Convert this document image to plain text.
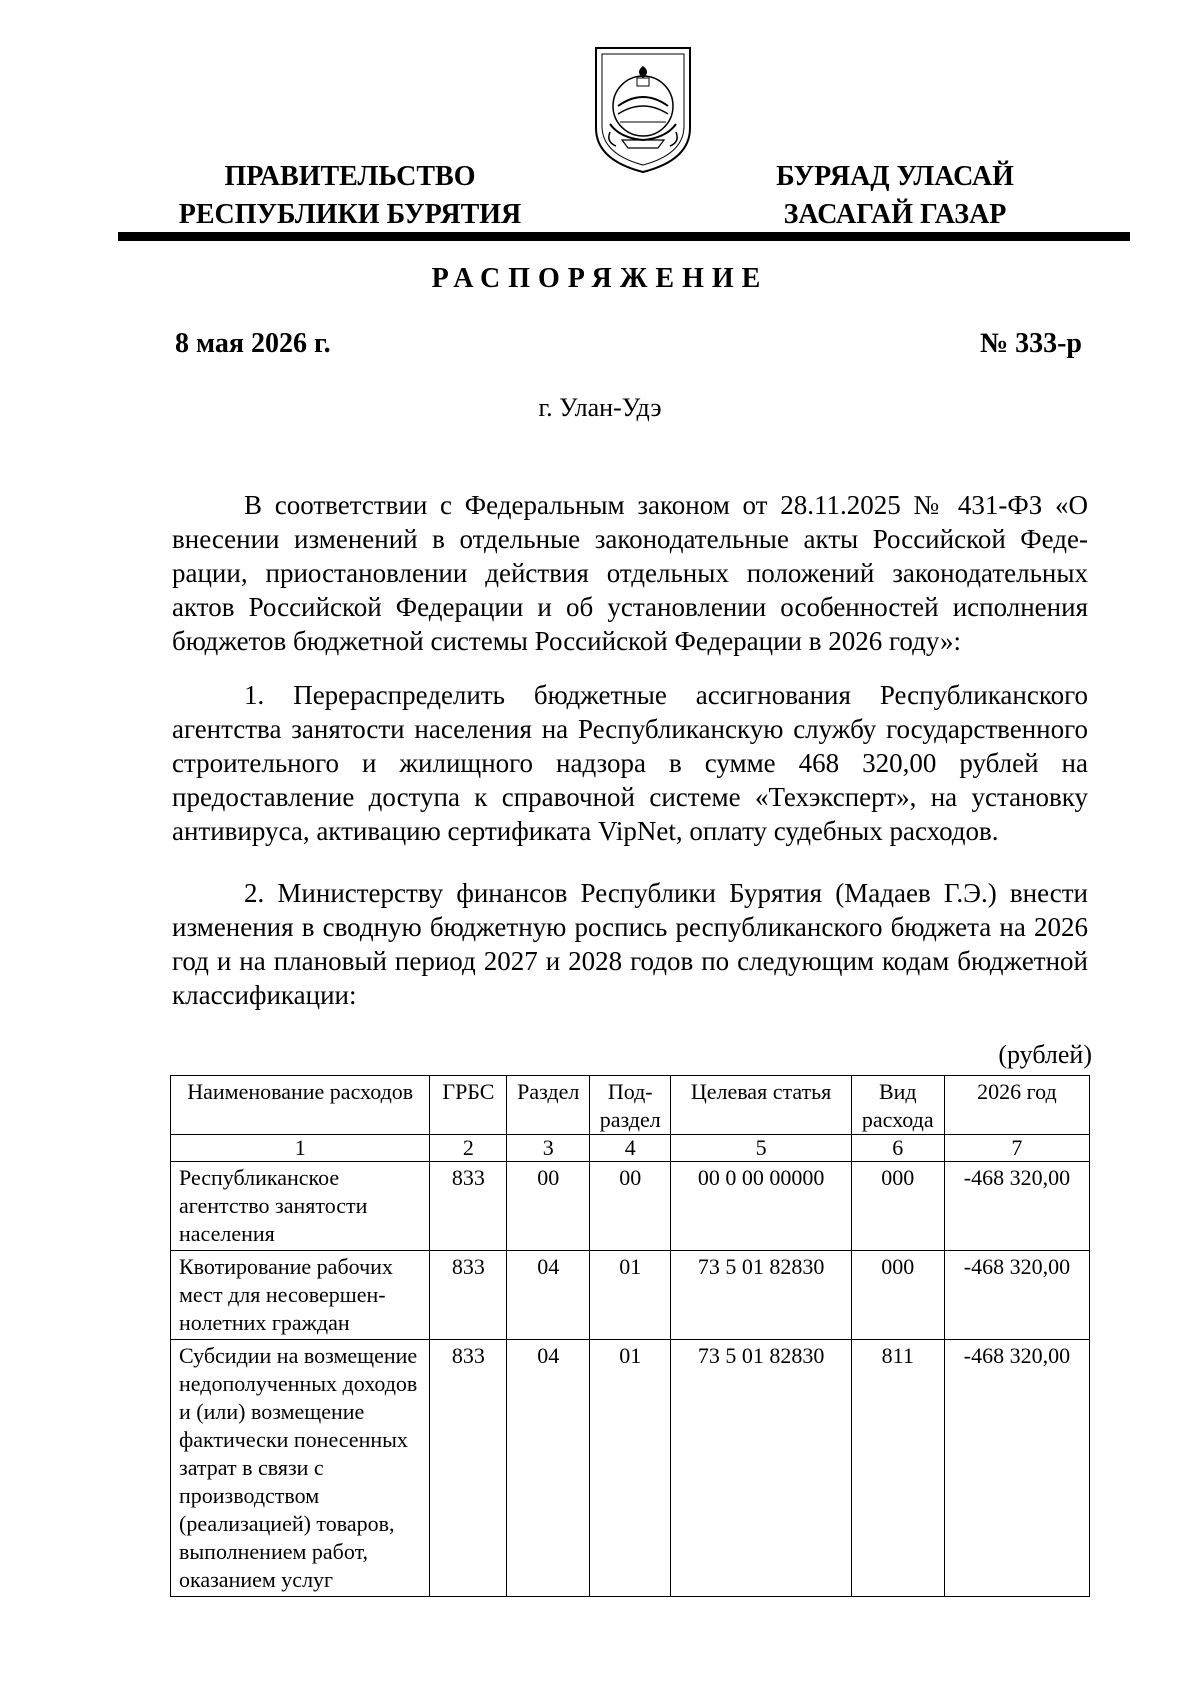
ПРАВИТЕЛЬСТВО
РЕСПУБЛИКИ БУРЯТИЯ
БУРЯАД УЛАСАЙ
ЗАСАГАЙ ГАЗАР
РАСПОРЯЖЕНИЕ
8 мая 2026 г.	№ 333-р
г. Улан-Удэ

В соответствии с Федеральным законом от 28.11.2025 № 431-ФЗ «О внесении изменений в отдельные законодательные акты Российской Федерации, приостановлении действия отдельных положений законодательных актов Российской Федерации и об установлении особенностей исполнения бюджетов бюджетной системы Российской Федерации в 2026 году»:

1. Перераспределить бюджетные ассигнования Республиканского агентства занятости населения на Республиканскую службу государственного строительного и жилищного надзора в сумме 468 320,00 рублей на предоставление доступа к справочной системе «Техэксперт», на установку антивируса, активацию сертификата VipNet, оплату судебных расходов.

2. Министерству финансов Республики Бурятия (Мадаев Г.Э.) внести изменения в сводную бюджетную роспись республиканского бюджета на 2026 год и на плановый период 2027 и 2028 годов по следующим кодам бюджетной классификации:

(рублей)
Наименование расходов	ГРБС	Раздел	Под-раздел	Целевая статья	Вид расхода	2026 год
1	2	3	4	5	6	7
Республиканское агентство занятости населения	833	00	00	00 0 00 00000	000	-468 320,00
Квотирование рабочих мест для несовершеннолетних граждан	833	04	01	73 5 01 82830	000	-468 320,00
Субсидии на возмещение недополученных доходов и (или) возмещение фактически понесенных затрат в связи с производством (реализацией) товаров, выполнением работ, оказанием услуг	833	04	01	73 5 01 82830	811	-468 320,00
